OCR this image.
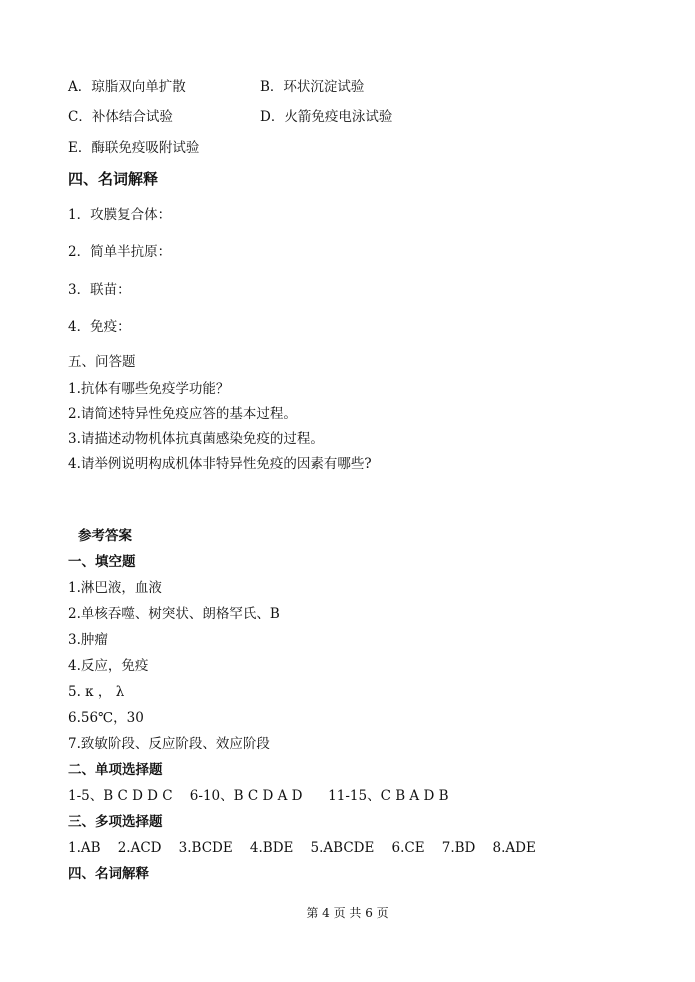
A．琼脂双向单扩散	B．环状沉淀试验
C．补体结合试验	D．火箭免疫电泳试验
E．酶联免疫吸附试验
四、名词解释
1．攻膜复合体：
2．简单半抗原：
3．联苗：
4．免疫：
五、问答题
1.抗体有哪些免疫学功能？
2.请简述特异性免疫应答的基本过程。
3.请描述动物机体抗真菌感染免疫的过程。
4.请举例说明构成机体非特异性免疫的因素有哪些?
参考答案
一、填空题
1.淋巴液，血液
2.单核吞噬、树突状、朗格罕氏、B
3.肿瘤
4.反应，免疫
5. κ ， λ
6.56℃，30
7.致敏阶段、反应阶段、效应阶段
二、单项选择题
1-5、B C D D C    6-10、B C D A D      11-15、C B A D B
三、多项选择题
1.AB    2.ACD    3.BCDE    4.BDE    5.ABCDE    6.CE    7.BD    8.ADE
四、名词解释
第 4 页 共 6 页
